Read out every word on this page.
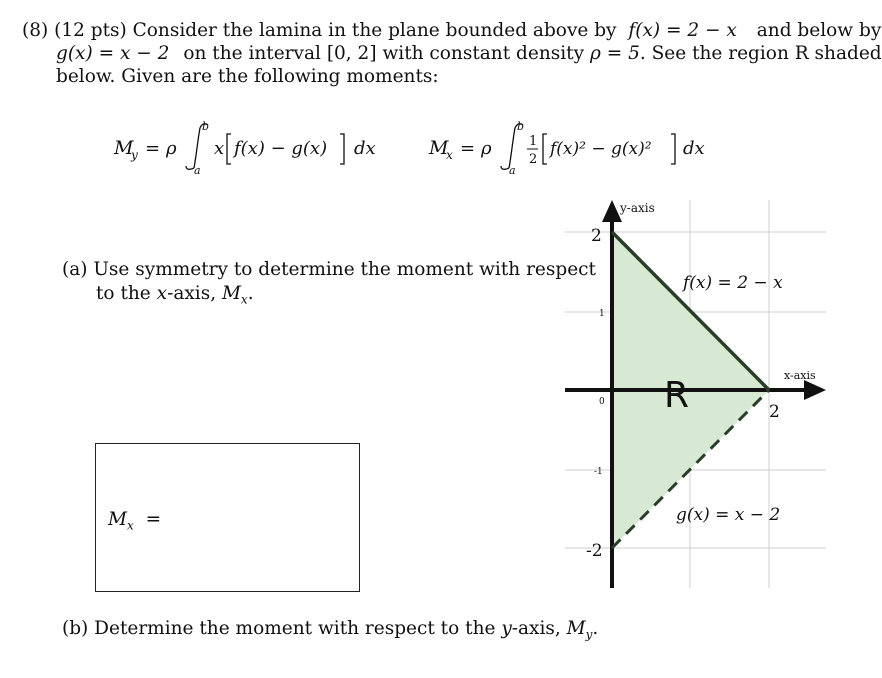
(8) (12 pts) Consider the lamina in the plane bounded above by f(x) = 2 − x and below by
g(x) = x − 2 on the interval [0, 2] with constant density ρ = 5. See the region R shaded
below. Given are the following moments:
M
y = ρ
b
a
x f(x) − g(x) dx	M
x = ρ
b
a
1
2
f(x)² − g(x)² dx
(a) Use symmetry to determine the moment with respect
to the x-axis, $M_x$.
$M_x$ =
(b) Determine the moment with respect to the y-axis, $M_y$.
y-axis
x-axis
2
1
0
-1
-2
2
R
f(x) = 2 − x
g(x) = x − 2
